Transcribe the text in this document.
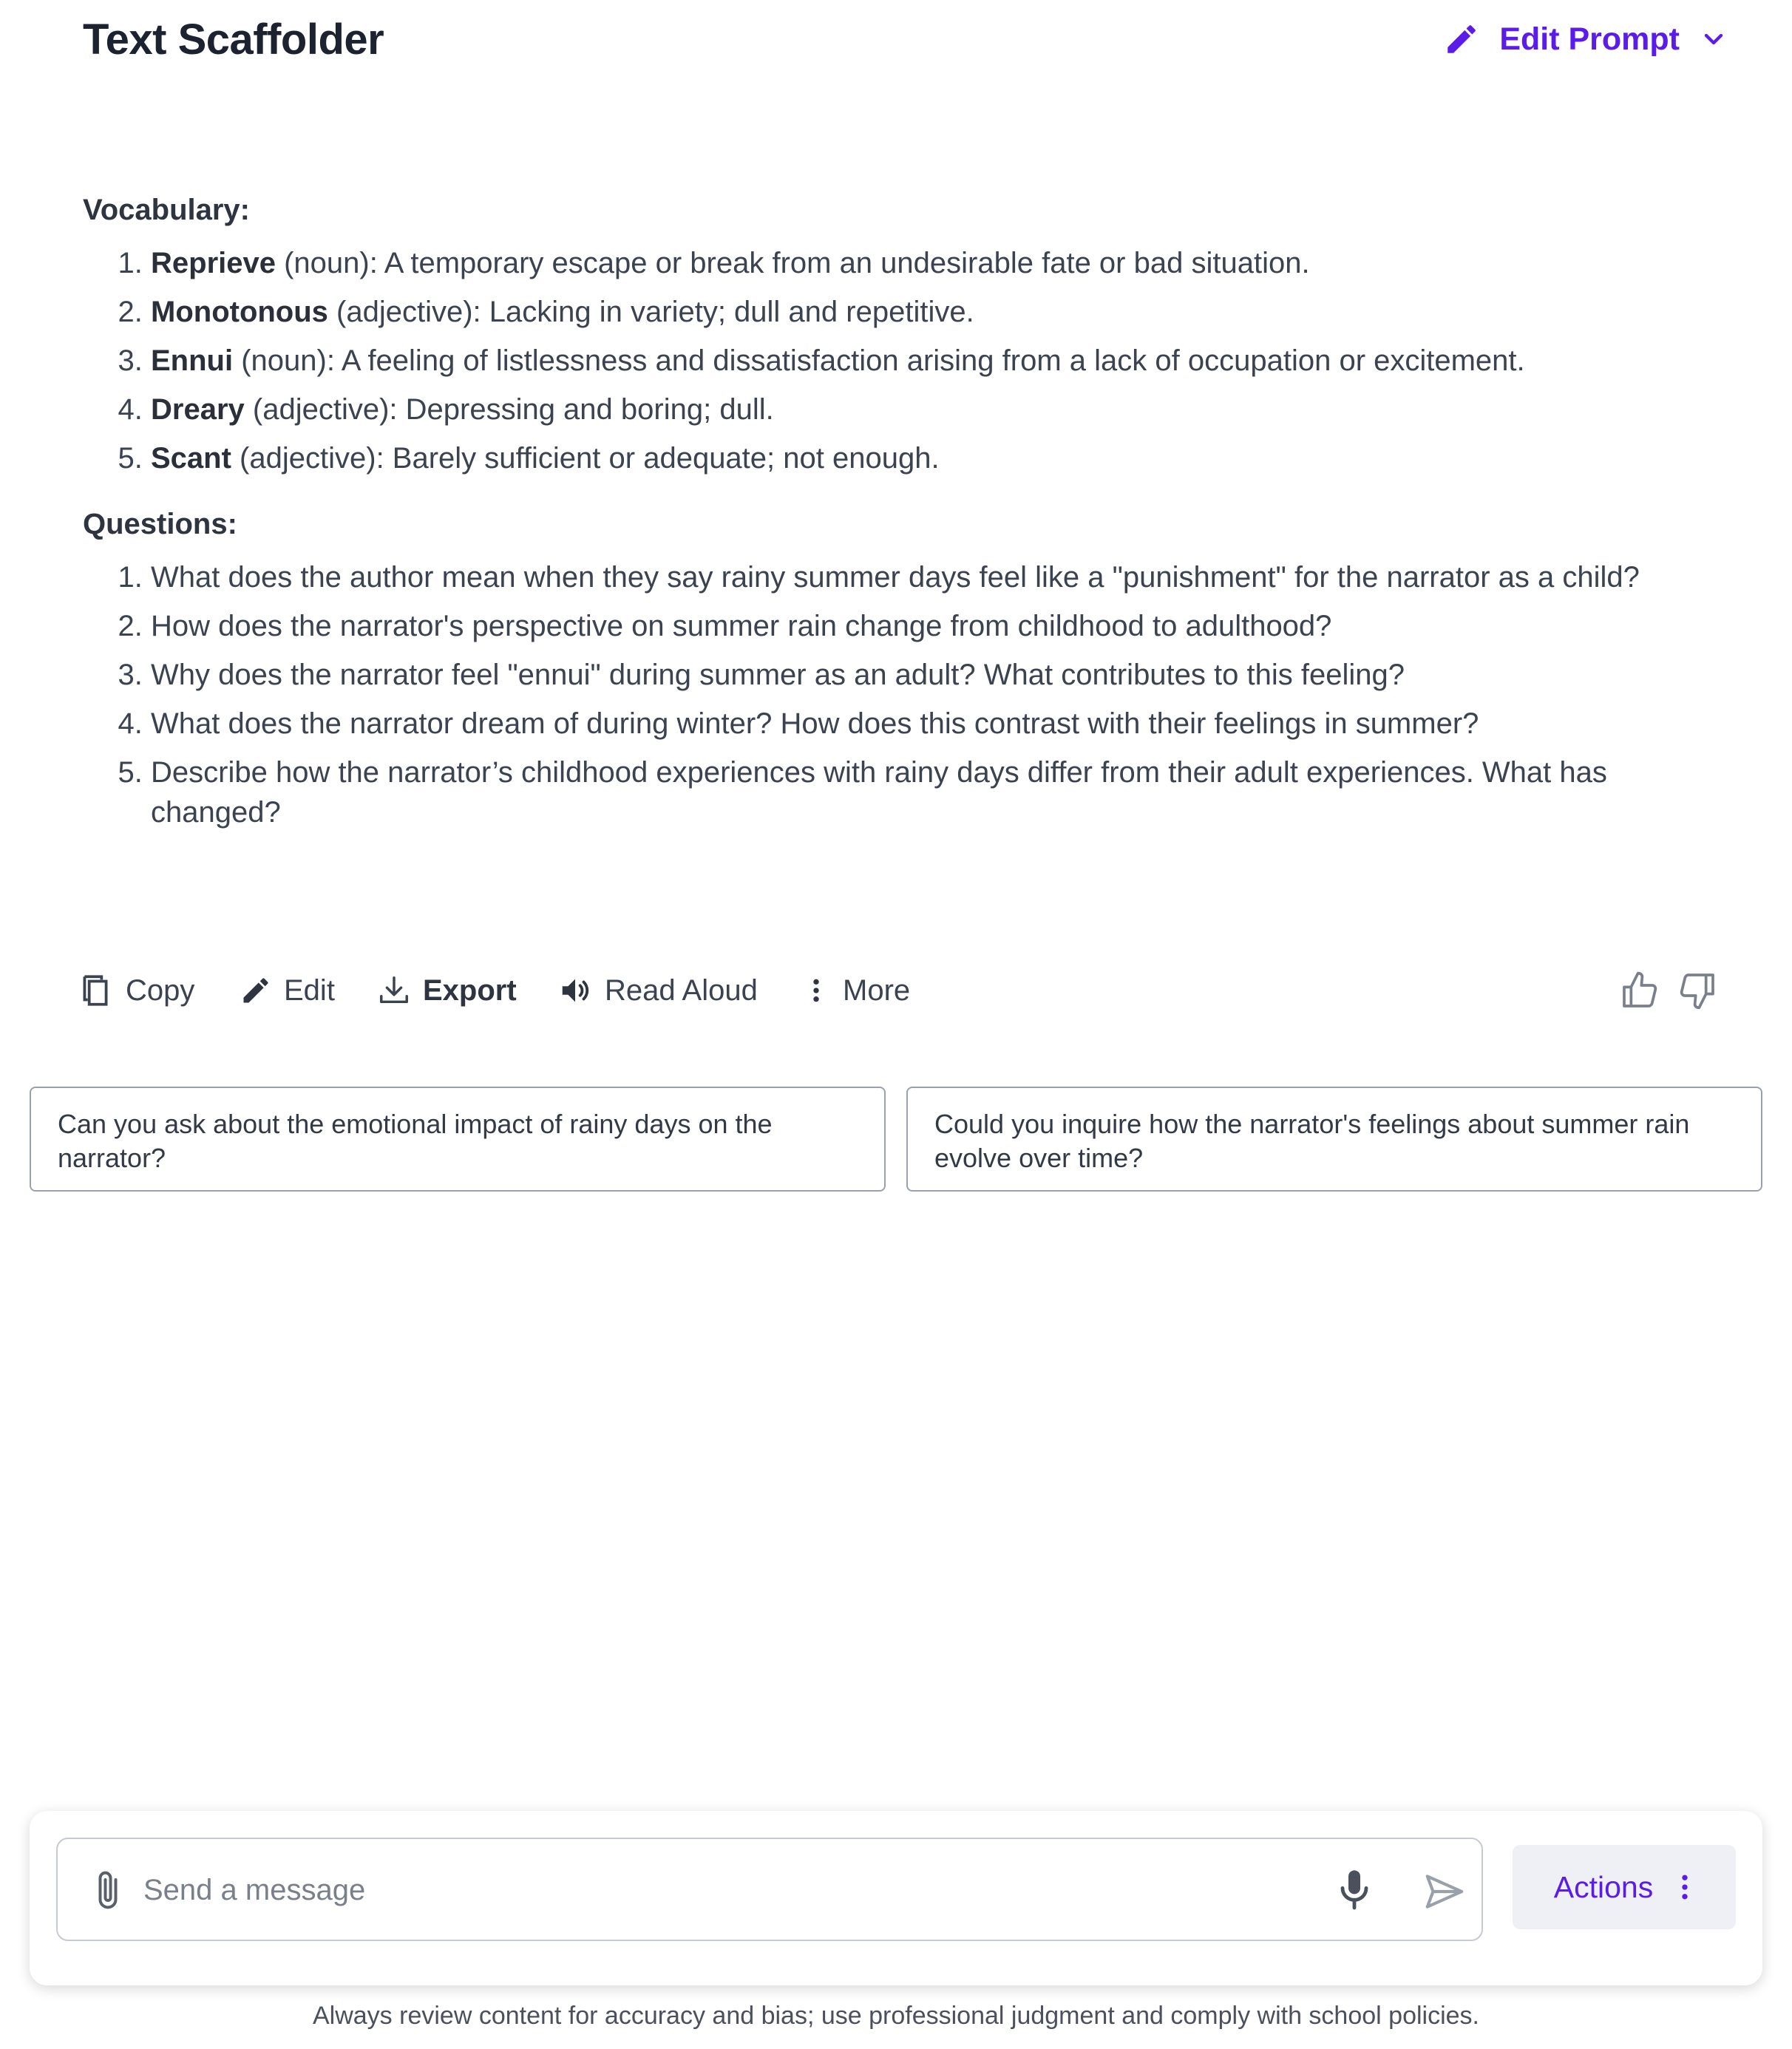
Text Scaffolder	Edit Prompt
Vocabulary:
1. Reprieve (noun): A temporary escape or break from an undesirable fate or bad situation.
2. Monotonous (adjective): Lacking in variety; dull and repetitive.
3. Ennui (noun): A feeling of listlessness and dissatisfaction arising from a lack of occupation or excitement.
4. Dreary (adjective): Depressing and boring; dull.
5. Scant (adjective): Barely sufficient or adequate; not enough.
Questions:
1. What does the author mean when they say rainy summer days feel like a "punishment" for the narrator as a child?
2. How does the narrator's perspective on summer rain change from childhood to adulthood?
3. Why does the narrator feel "ennui" during summer as an adult? What contributes to this feeling?
4. What does the narrator dream of during winter? How does this contrast with their feelings in summer?
5. Describe how the narrator’s childhood experiences with rainy days differ from their adult experiences. What has changed?
Copy	Edit	Export	Read Aloud	More
Can you ask about the emotional impact of rainy days on the narrator?
Could you inquire how the narrator's feelings about summer rain evolve over time?
Send a message
Actions
Always review content for accuracy and bias; use professional judgment and comply with school policies.
